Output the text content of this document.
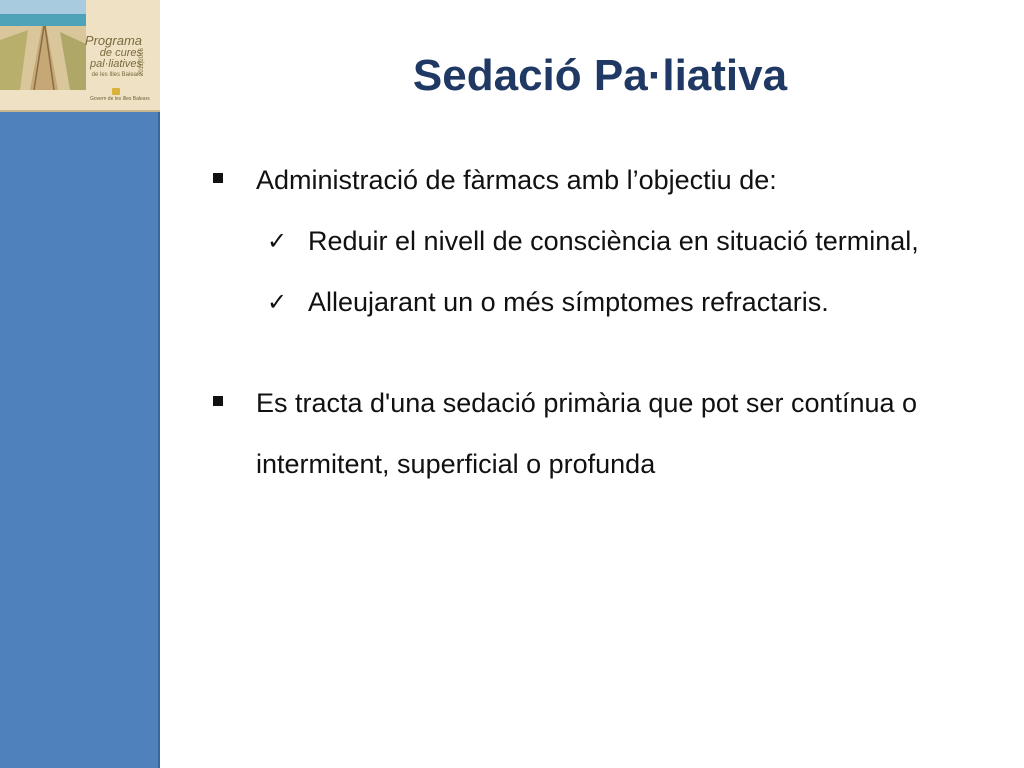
Programa
de cures pal·liatives
de les Illes Balears
2011|2016
Govern de les Illes Balears	Sedació Pa·liativa
Administració de fàrmacs amb l’objectiu de:
✓ Reduir el nivell de consciència en situació terminal,
✓ Alleujarant un o més símptomes refractaris.
Es tracta d'una sedació primària que pot ser contínua o intermitent, superficial o profunda
